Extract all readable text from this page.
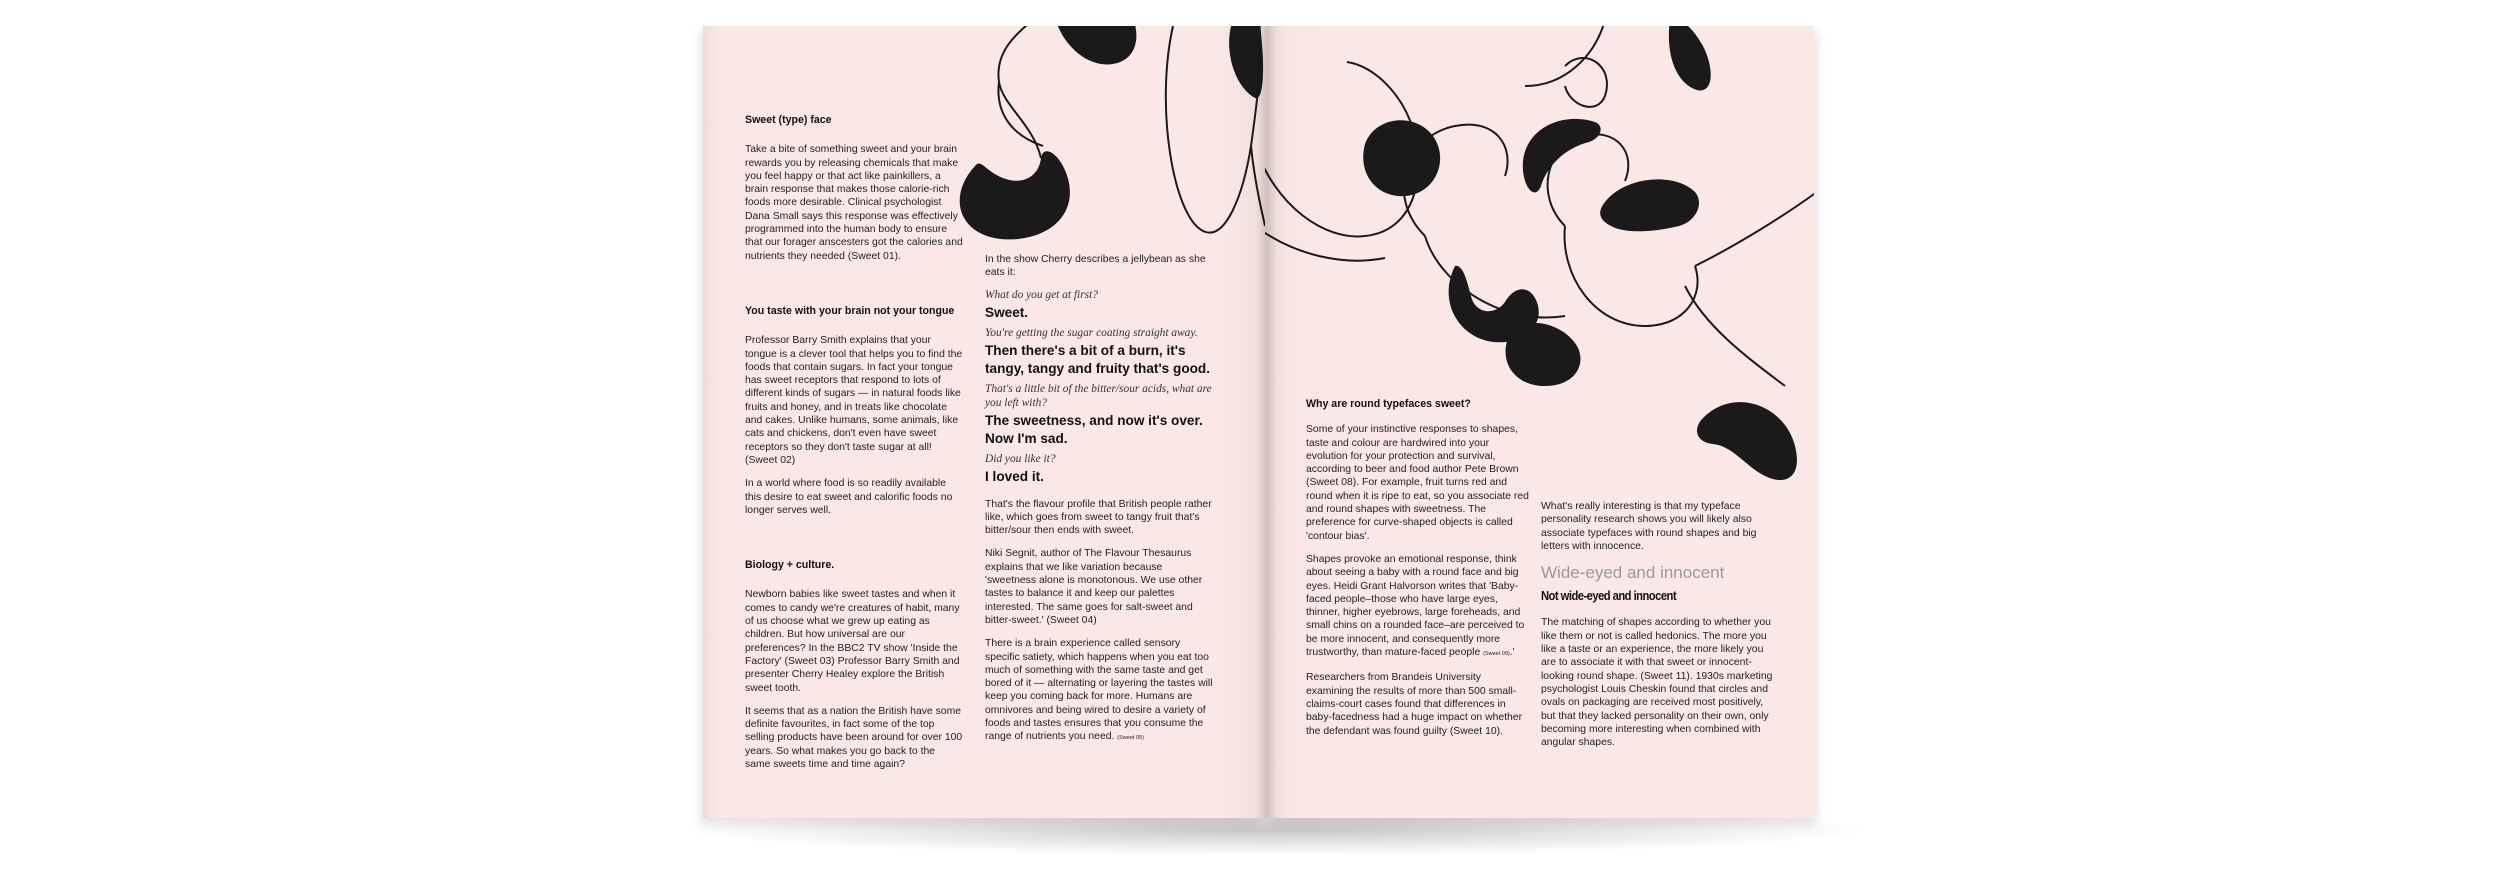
Sweet (type) face

Take a bite of something sweet and your brain rewards you by releasing chemicals that make you feel happy or that act like painkillers, a brain response that makes those calorie-rich foods more desirable. Clinical psychologist Dana Small says this response was effectively programmed into the human body to ensure that our forager anscesters got the calories and nutrients they needed (Sweet 01).

You taste with your brain not your tongue

Professor Barry Smith explains that your tongue is a clever tool that helps you to find the foods that contain sugars. In fact your tongue has sweet receptors that respond to lots of different kinds of sugars — in natural foods like fruits and honey, and in treats like chocolate and cakes. Unlike humans, some animals, like cats and chickens, don't even have sweet receptors so they don't taste sugar at all! (Sweet 02)

In a world where food is so readily available this desire to eat sweet and calorific foods no longer serves well.

Biology + culture.

Newborn babies like sweet tastes and when it comes to candy we're creatures of habit, many of us choose what we grew up eating as children. But how universal are our preferences? In the BBC2 TV show 'Inside the Factory' (Sweet 03) Professor Barry Smith and presenter Cherry Healey explore the British sweet tooth.

It seems that as a nation the British have some definite favourites, in fact some of the top selling products have been around for over 100 years. So what makes you go back to the same sweets time and time again?

In the show Cherry describes a jellybean as she eats it:
What do you get at first?
Sweet.
You're getting the sugar coating straight away.
Then there's a bit of a burn, it's tangy, tangy and fruity that's good.
That's a little bit of the bitter/sour acids, what are you left with?
The sweetness, and now it's over. Now I'm sad.
Did you like it?
I loved it.

That's the flavour profile that British people rather like, which goes from sweet to tangy fruit that's bitter/sour then ends with sweet.

Niki Segnit, author of The Flavour Thesaurus explains that we like variation because 'sweetness alone is monotonous. We use other tastes to balance it and keep our palettes interested. The same goes for salt-sweet and bitter-sweet.' (Sweet 04)

There is a brain experience called sensory specific satiety, which happens when you eat too much of something with the same taste and get bored of it — alternating or layering the tastes will keep you coming back for more. Humans are omnivores and being wired to desire a variety of foods and tastes ensures that you consume the range of nutrients you need. (Sweet 05)

Why are round typefaces sweet?

Some of your instinctive responses to shapes, taste and colour are hardwired into your evolution for your protection and survival, according to beer and food author Pete Brown (Sweet 08). For example, fruit turns red and round when it is ripe to eat, so you associate red and round shapes with sweetness. The preference for curve-shaped objects is called 'contour bias'.

Shapes provoke an emotional response, think about seeing a baby with a round face and big eyes. Heidi Grant Halvorson writes that 'Baby-faced people–those who have large eyes, thinner, higher eyebrows, large foreheads, and small chins on a rounded face–are perceived to be more innocent, and consequently more trustworthy, than mature-faced people (Sweet 09).'

Researchers from Brandeis University examining the results of more than 500 small-claims-court cases found that differences in baby-facedness had a huge impact on whether the defendant was found guilty (Sweet 10).

What's really interesting is that my typeface personality research shows you will likely also associate typefaces with round shapes and big letters with innocence.

Wide-eyed and innocent
Not wide-eyed and innocent

The matching of shapes according to whether you like them or not is called hedonics. The more you like a taste or an experience, the more likely you are to associate it with that sweet or innocent-looking round shape. (Sweet 11). 1930s marketing psychologist Louis Cheskin found that circles and ovals on packaging are received most positively, but that they lacked personality on their own, only becoming more interesting when combined with angular shapes.
